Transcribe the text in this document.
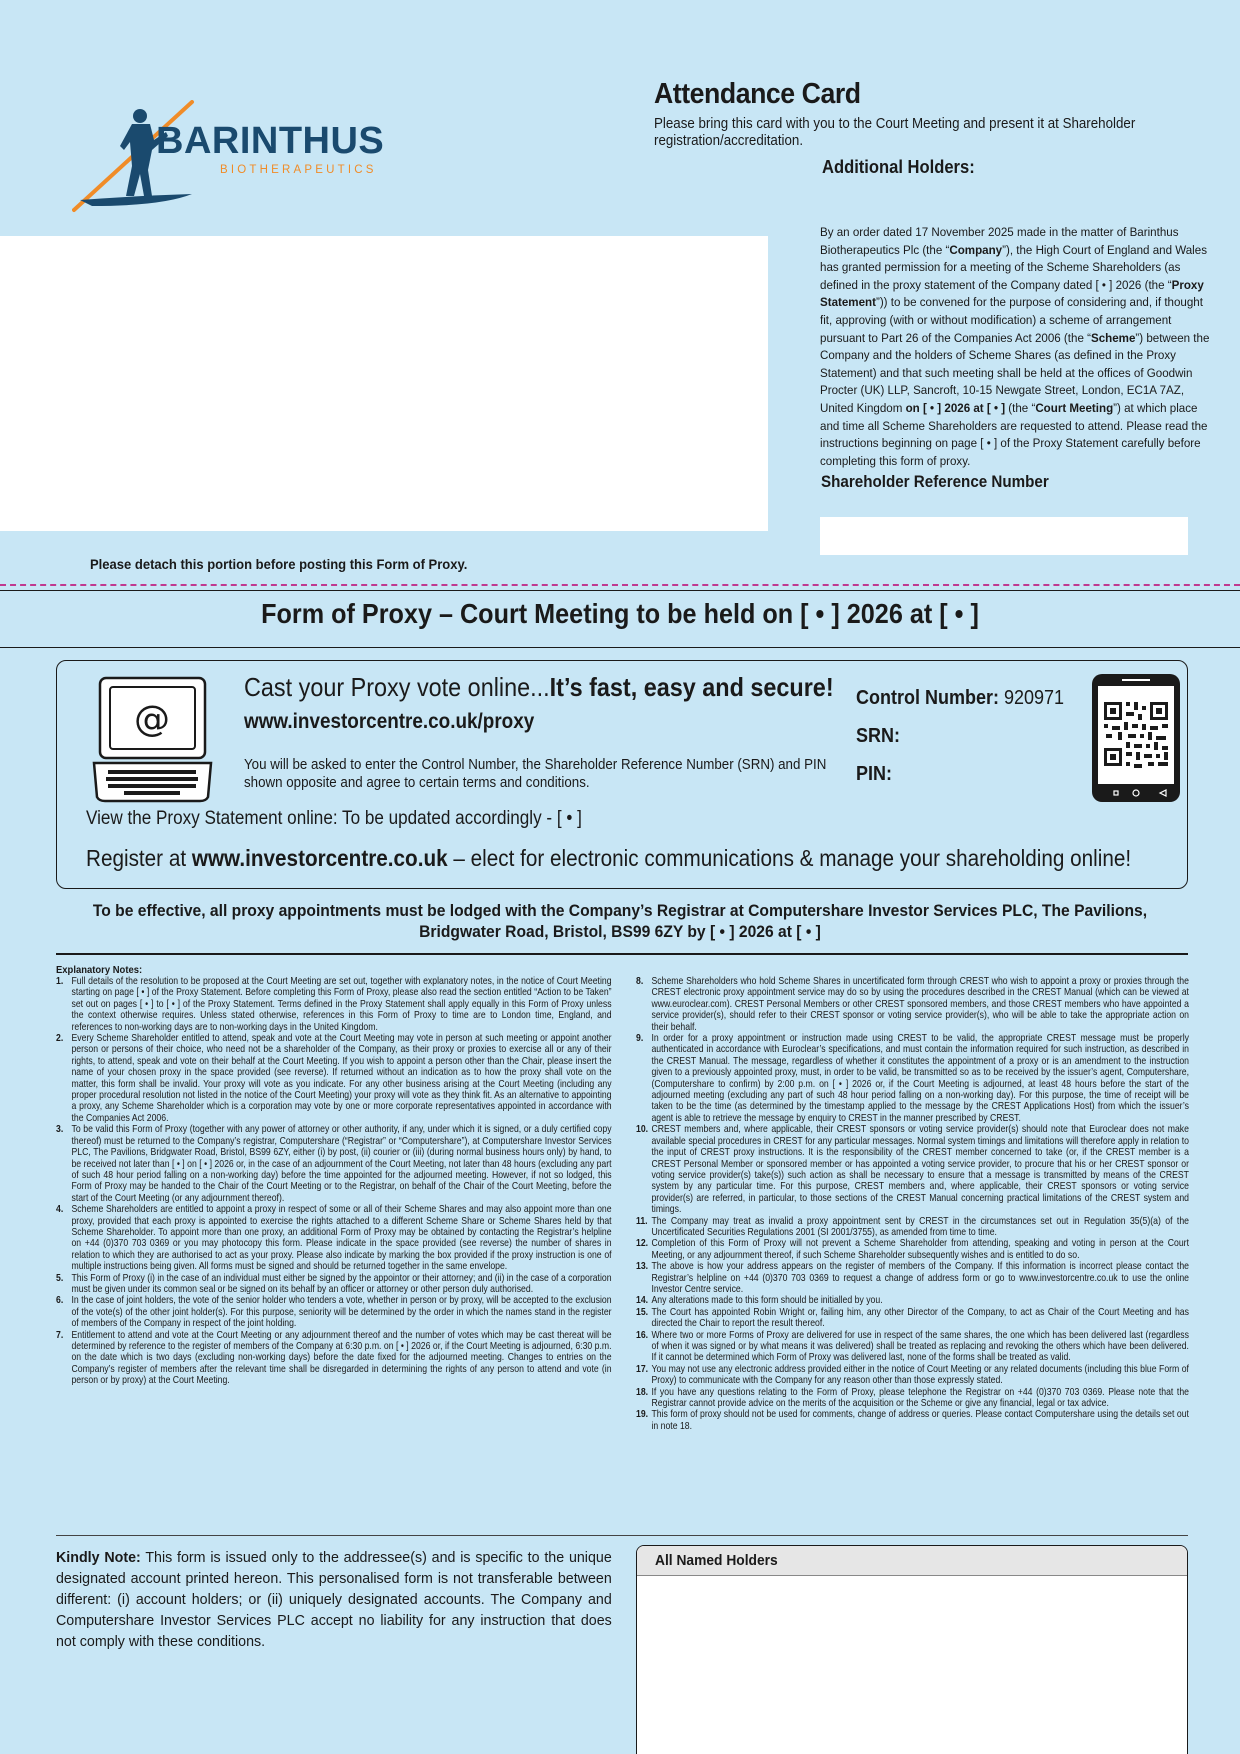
BARINTHUS
BIOTHERAPEUTICS
Attendance Card
Please bring this card with you to the Court Meeting and present it at Shareholder registration/accreditation.
Additional Holders:
By an order dated 17 November 2025 made in the matter of Barinthus Biotherapeutics Plc (the “Company”), the High Court of England and Wales has granted permission for a meeting of the Scheme Shareholders (as defined in the proxy statement of the Company dated [ • ] 2026 (the “Proxy Statement”)) to be convened for the purpose of considering and, if thought fit, approving (with or without modification) a scheme of arrangement pursuant to Part 26 of the Companies Act 2006 (the “Scheme”) between the Company and the holders of Scheme Shares (as defined in the Proxy Statement) and that such meeting shall be held at the offices of Goodwin Procter (UK) LLP, Sancroft, 10-15 Newgate Street, London, EC1A 7AZ, United Kingdom on [ • ] 2026 at [ • ] (the “Court Meeting”) at which place and time all Scheme Shareholders are requested to attend. Please read the instructions beginning on page [ • ] of the Proxy Statement carefully before completing this form of proxy.
Shareholder Reference Number
Please detach this portion before posting this Form of Proxy.
Form of Proxy – Court Meeting to be held on [ • ] 2026 at [ • ]
@
Cast your Proxy vote online...It’s fast, easy and secure!
www.investorcentre.co.uk/proxy
You will be asked to enter the Control Number, the Shareholder Reference Number (SRN) and PIN shown opposite and agree to certain terms and conditions.
Control Number: 920971
SRN:
PIN:
View the Proxy Statement online: To be updated accordingly - [ • ]
Register at www.investorcentre.co.uk – elect for electronic communications & manage your shareholding online!
To be effective, all proxy appointments must be lodged with the Company’s Registrar at Computershare Investor Services PLC, The Pavilions, Bridgwater Road, Bristol, BS99 6ZY by [ • ] 2026 at [ • ]
Explanatory Notes:
1. Full details of the resolution to be proposed at the Court Meeting are set out, together with explanatory notes, in the notice of Court Meeting starting on page [ • ] of the Proxy Statement. Before completing this Form of Proxy, please also read the section entitled “Action to be Taken” set out on pages [ • ] to [ • ] of the Proxy Statement. Terms defined in the Proxy Statement shall apply equally in this Form of Proxy unless the context otherwise requires. Unless stated otherwise, references in this Form of Proxy to time are to London time, England, and references to non-working days are to non-working days in the United Kingdom.
2. Every Scheme Shareholder entitled to attend, speak and vote at the Court Meeting may vote in person at such meeting or appoint another person or persons of their choice, who need not be a shareholder of the Company, as their proxy or proxies to exercise all or any of their rights, to attend, speak and vote on their behalf at the Court Meeting. If you wish to appoint a person other than the Chair, please insert the name of your chosen proxy in the space provided (see reverse). If returned without an indication as to how the proxy shall vote on the matter, this form shall be invalid. Your proxy will vote as you indicate. For any other business arising at the Court Meeting (including any proper procedural resolution not listed in the notice of the Court Meeting) your proxy will vote as they think fit. As an alternative to appointing a proxy, any Scheme Shareholder which is a corporation may vote by one or more corporate representatives appointed in accordance with the Companies Act 2006.
3. To be valid this Form of Proxy (together with any power of attorney or other authority, if any, under which it is signed, or a duly certified copy thereof) must be returned to the Company’s registrar, Computershare (“Registrar” or “Computershare”), at Computershare Investor Services PLC, The Pavilions, Bridgwater Road, Bristol, BS99 6ZY, either (i) by post, (ii) courier or (iii) (during normal business hours only) by hand, to be received not later than [ • ] on [ • ] 2026 or, in the case of an adjournment of the Court Meeting, not later than 48 hours (excluding any part of such 48 hour period falling on a non-working day) before the time appointed for the adjourned meeting. However, if not so lodged, this Form of Proxy may be handed to the Chair of the Court Meeting or to the Registrar, on behalf of the Chair of the Court Meeting, before the start of the Court Meeting (or any adjournment thereof).
4. Scheme Shareholders are entitled to appoint a proxy in respect of some or all of their Scheme Shares and may also appoint more than one proxy, provided that each proxy is appointed to exercise the rights attached to a different Scheme Share or Scheme Shares held by that Scheme Shareholder. To appoint more than one proxy, an additional Form of Proxy may be obtained by contacting the Registrar’s helpline on +44 (0)370 703 0369 or you may photocopy this form. Please indicate in the space provided (see reverse) the number of shares in relation to which they are authorised to act as your proxy. Please also indicate by marking the box provided if the proxy instruction is one of multiple instructions being given. All forms must be signed and should be returned together in the same envelope.
5. This Form of Proxy (i) in the case of an individual must either be signed by the appointor or their attorney; and (ii) in the case of a corporation must be given under its common seal or be signed on its behalf by an officer or attorney or other person duly authorised.
6. In the case of joint holders, the vote of the senior holder who tenders a vote, whether in person or by proxy, will be accepted to the exclusion of the vote(s) of the other joint holder(s). For this purpose, seniority will be determined by the order in which the names stand in the register of members of the Company in respect of the joint holding.
7. Entitlement to attend and vote at the Court Meeting or any adjournment thereof and the number of votes which may be cast thereat will be determined by reference to the register of members of the Company at 6:30 p.m. on [ • ] 2026 or, if the Court Meeting is adjourned, 6:30 p.m. on the date which is two days (excluding non-working days) before the date fixed for the adjourned meeting. Changes to entries on the Company’s register of members after the relevant time shall be disregarded in determining the rights of any person to attend and vote (in person or by proxy) at the Court Meeting.
8. Scheme Shareholders who hold Scheme Shares in uncertificated form through CREST who wish to appoint a proxy or proxies through the CREST electronic proxy appointment service may do so by using the procedures described in the CREST Manual (which can be viewed at www.euroclear.com). CREST Personal Members or other CREST sponsored members, and those CREST members who have appointed a service provider(s), should refer to their CREST sponsor or voting service provider(s), who will be able to take the appropriate action on their behalf.
9. In order for a proxy appointment or instruction made using CREST to be valid, the appropriate CREST message must be properly authenticated in accordance with Euroclear’s specifications, and must contain the information required for such instruction, as described in the CREST Manual. The message, regardless of whether it constitutes the appointment of a proxy or is an amendment to the instruction given to a previously appointed proxy, must, in order to be valid, be transmitted so as to be received by the issuer’s agent, Computershare, (Computershare to confirm) by 2:00 p.m. on [ • ] 2026 or, if the Court Meeting is adjourned, at least 48 hours before the start of the adjourned meeting (excluding any part of such 48 hour period falling on a non-working day). For this purpose, the time of receipt will be taken to be the time (as determined by the timestamp applied to the message by the CREST Applications Host) from which the issuer’s agent is able to retrieve the message by enquiry to CREST in the manner prescribed by CREST.
10. CREST members and, where applicable, their CREST sponsors or voting service provider(s) should note that Euroclear does not make available special procedures in CREST for any particular messages. Normal system timings and limitations will therefore apply in relation to the input of CREST proxy instructions. It is the responsibility of the CREST member concerned to take (or, if the CREST member is a CREST Personal Member or sponsored member or has appointed a voting service provider, to procure that his or her CREST sponsor or voting service provider(s) take(s)) such action as shall be necessary to ensure that a message is transmitted by means of the CREST system by any particular time. For this purpose, CREST members and, where applicable, their CREST sponsors or voting service provider(s) are referred, in particular, to those sections of the CREST Manual concerning practical limitations of the CREST system and timings.
11. The Company may treat as invalid a proxy appointment sent by CREST in the circumstances set out in Regulation 35(5)(a) of the Uncertificated Securities Regulations 2001 (SI 2001/3755), as amended from time to time.
12. Completion of this Form of Proxy will not prevent a Scheme Shareholder from attending, speaking and voting in person at the Court Meeting, or any adjournment thereof, if such Scheme Shareholder subsequently wishes and is entitled to do so.
13. The above is how your address appears on the register of members of the Company. If this information is incorrect please contact the Registrar’s helpline on +44 (0)370 703 0369 to request a change of address form or go to www.investorcentre.co.uk to use the online Investor Centre service.
14. Any alterations made to this form should be initialled by you.
15. The Court has appointed Robin Wright or, failing him, any other Director of the Company, to act as Chair of the Court Meeting and has directed the Chair to report the result thereof.
16. Where two or more Forms of Proxy are delivered for use in respect of the same shares, the one which has been delivered last (regardless of when it was signed or by what means it was delivered) shall be treated as replacing and revoking the others which have been delivered. If it cannot be determined which Form of Proxy was delivered last, none of the forms shall be treated as valid.
17. You may not use any electronic address provided either in the notice of Court Meeting or any related documents (including this blue Form of Proxy) to communicate with the Company for any reason other than those expressly stated.
18. If you have any questions relating to the Form of Proxy, please telephone the Registrar on +44 (0)370 703 0369. Please note that the Registrar cannot provide advice on the merits of the acquisition or the Scheme or give any financial, legal or tax advice.
19. This form of proxy should not be used for comments, change of address or queries. Please contact Computershare using the details set out in note 18.
Kindly Note: This form is issued only to the addressee(s) and is specific to the unique designated account printed hereon. This personalised form is not transferable between different: (i) account holders; or (ii) uniquely designated accounts. The Company and Computershare Investor Services PLC accept no liability for any instruction that does not comply with these conditions.
All Named Holders
